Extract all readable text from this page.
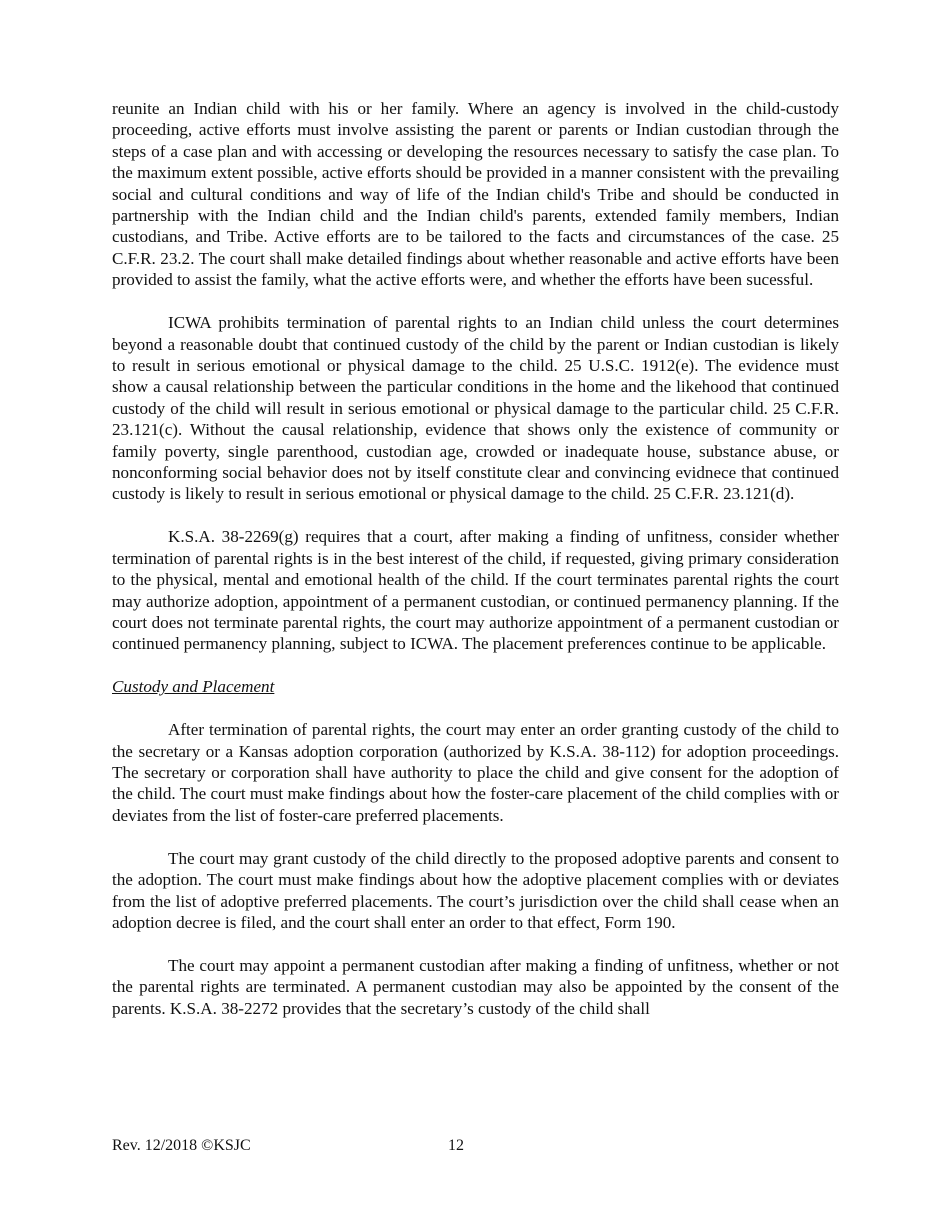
reunite an Indian child with his or her family. Where an agency is involved in the child-custody proceeding, active efforts must involve assisting the parent or parents or Indian custodian through the steps of a case plan and with accessing or developing the resources necessary to satisfy the case plan. To the maximum extent possible, active efforts should be provided in a manner consistent with the prevailing social and cultural conditions and way of life of the Indian child's Tribe and should be conducted in partnership with the Indian child and the Indian child's parents, extended family members, Indian custodians, and Tribe. Active efforts are to be tailored to the facts and circumstances of the case. 25 C.F.R. 23.2. The court shall make detailed findings about whether reasonable and active efforts have been provided to assist the family, what the active efforts were, and whether the efforts have been sucessful.

ICWA prohibits termination of parental rights to an Indian child unless the court determines beyond a reasonable doubt that continued custody of the child by the parent or Indian custodian is likely to result in serious emotional or physical damage to the child. 25 U.S.C. 1912(e). The evidence must show a causal relationship between the particular conditions in the home and the likehood that continued custody of the child will result in serious emotional or physical damage to the particular child. 25 C.F.R. 23.121(c). Without the causal relationship, evidence that shows only the existence of community or family poverty, single parenthood, custodian age, crowded or inadequate house, substance abuse, or nonconforming social behavior does not by itself constitute clear and convincing evidnece that continued custody is likely to result in serious emotional or physical damage to the child. 25 C.F.R. 23.121(d).

K.S.A. 38-2269(g) requires that a court, after making a finding of unfitness, consider whether termination of parental rights is in the best interest of the child, if requested, giving primary consideration to the physical, mental and emotional health of the child. If the court terminates parental rights the court may authorize adoption, appointment of a permanent custodian, or continued permanency planning. If the court does not terminate parental rights, the court may authorize appointment of a permanent custodian or continued permanency planning, subject to ICWA. The placement preferences continue to be applicable.

Custody and Placement

After termination of parental rights, the court may enter an order granting custody of the child to the secretary or a Kansas adoption corporation (authorized by K.S.A. 38-112) for adoption proceedings. The secretary or corporation shall have authority to place the child and give consent for the adoption of the child. The court must make findings about how the foster-care placement of the child complies with or deviates from the list of foster-care preferred placements.

The court may grant custody of the child directly to the proposed adoptive parents and consent to the adoption. The court must make findings about how the adoptive placement complies with or deviates from the list of adoptive preferred placements. The court’s jurisdiction over the child shall cease when an adoption decree is filed, and the court shall enter an order to that effect, Form 190.

The court may appoint a permanent custodian after making a finding of unfitness, whether or not the parental rights are terminated. A permanent custodian may also be appointed by the consent of the parents. K.S.A. 38-2272 provides that the secretary’s custody of the child shall

Rev. 12/2018 ©KSJC	12
